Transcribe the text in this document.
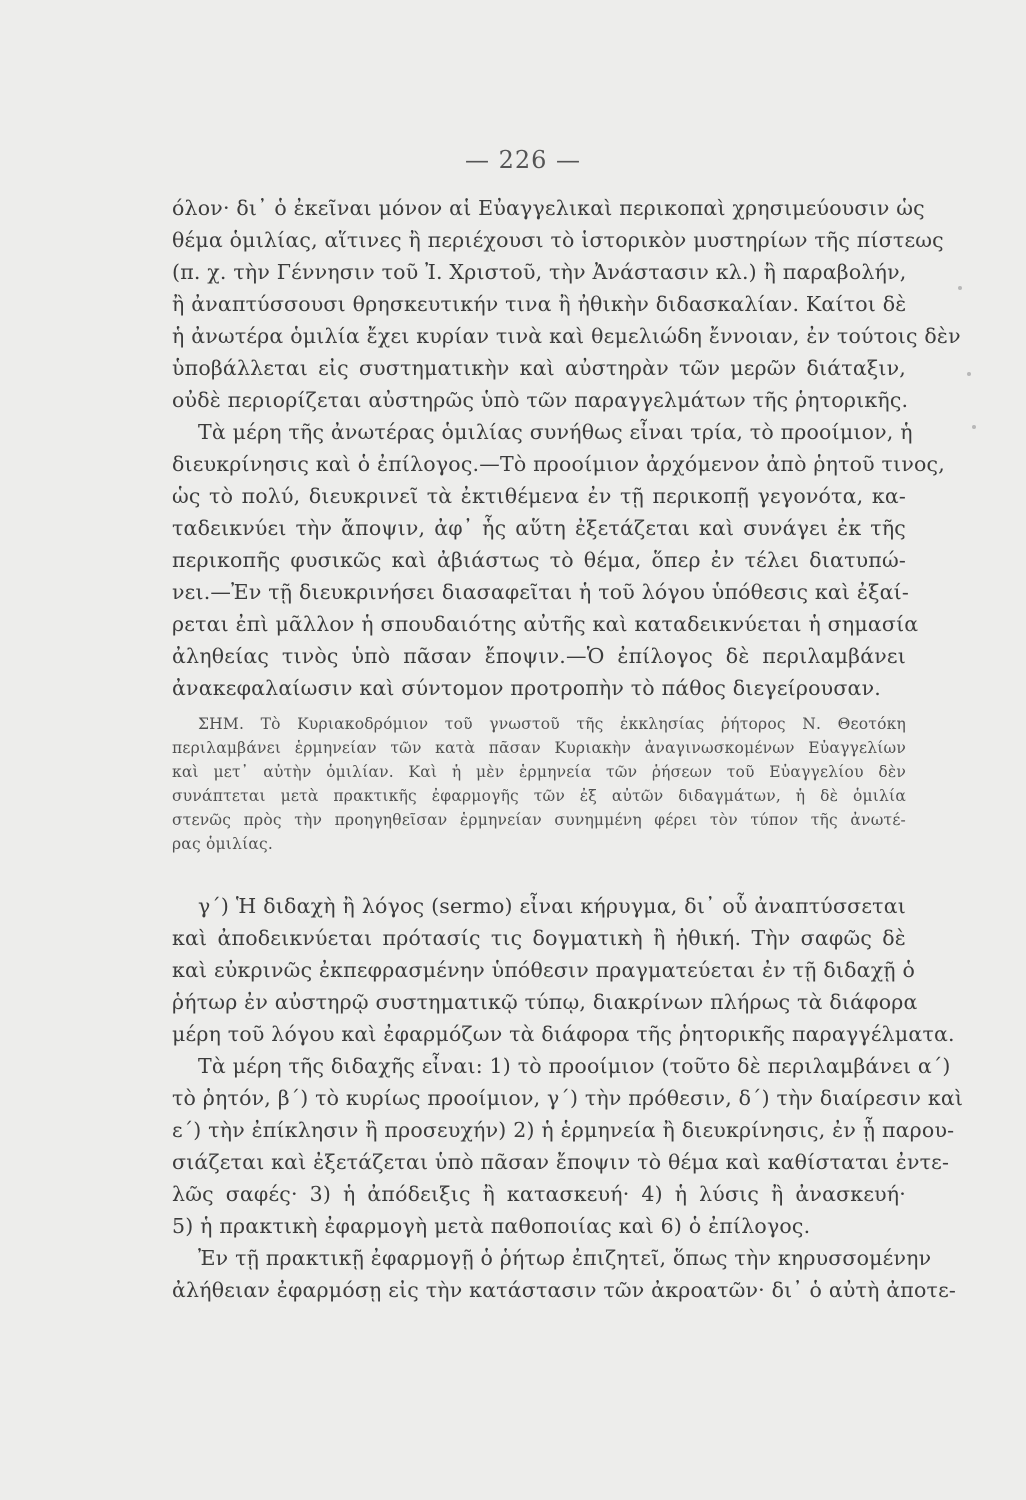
— 226 —
όλον· δι᾽ ὁ ἐκεῖναι μόνον αἱ Εὐαγγελικαὶ περικοπαὶ χρησιμεύουσιν ὡς
θέμα ὁμιλίας, αἵτινες ἢ περιέχουσι τὸ ἱστορικὸν μυστηρίων τῆς πίστεως
(π. χ. τὴν Γέννησιν τοῦ Ἰ. Χριστοῦ, τὴν Ἀνάστασιν κλ.) ἢ παραβολήν,
ἢ ἀναπτύσσουσι θρησκευτικήν τινα ἢ ἠθικὴν διδασκαλίαν. Καίτοι δὲ
ἡ ἀνωτέρα ὁμιλία ἔχει κυρίαν τινὰ καὶ θεμελιώδη ἔννοιαν, ἐν τούτοις δὲν
ὑποβάλλεται εἰς συστηματικὴν καὶ αὐστηρὰν τῶν μερῶν διάταξιν,
οὐδὲ περιορίζεται αὐστηρῶς ὑπὸ τῶν παραγγελμάτων τῆς ῥητορικῆς.
Τὰ μέρη τῆς ἀνωτέρας ὁμιλίας συνήθως εἶναι τρία, τὸ προοίμιον, ἡ
διευκρίνησις καὶ ὁ ἐπίλογος.—Τὸ προοίμιον ἀρχόμενον ἀπὸ ῥητοῦ τινος,
ὡς τὸ πολύ, διευκρινεῖ τὰ ἐκτιθέμενα ἐν τῇ περικοπῇ γεγονότα, κα-
ταδεικνύει τὴν ἄποψιν, ἀφ᾽ ἧς αὕτη ἐξετάζεται καὶ συνάγει ἐκ τῆς
περικοπῆς φυσικῶς καὶ ἀβιάστως τὸ θέμα, ὅπερ ἐν τέλει διατυπώ-
νει.—Ἐν τῇ διευκρινήσει διασαφεῖται ἡ τοῦ λόγου ὑπόθεσις καὶ ἐξαί-
ρεται ἐπὶ μᾶλλον ἡ σπουδαιότης αὐτῆς καὶ καταδεικνύεται ἡ σημασία
ἀληθείας τινὸς ὑπὸ πᾶσαν ἔποψιν.—Ὁ ἐπίλογος δὲ περιλαμβάνει
ἀνακεφαλαίωσιν καὶ σύντομον προτροπὴν τὸ πάθος διεγείρουσαν.
ΣΗΜ. Τὸ Κυριακοδρόμιον τοῦ γνωστοῦ τῆς ἐκκλησίας ῥήτορος Ν. Θεοτόκη
περιλαμβάνει ἑρμηνείαν τῶν κατὰ πᾶσαν Κυριακὴν ἀναγινωσκομένων Εὐαγγελίων
καὶ μετ᾽ αὐτὴν ὁμιλίαν. Καὶ ἡ μὲν ἑρμηνεία τῶν ῥήσεων τοῦ Εὐαγγελίου δὲν
συνάπτεται μετὰ πρακτικῆς ἐφαρμογῆς τῶν ἐξ αὐτῶν διδαγμάτων, ἡ δὲ ὁμιλία
στενῶς πρὸς τὴν προηγηθεῖσαν ἑρμηνείαν συνημμένη φέρει τὸν τύπον τῆς ἀνωτέ-
ρας ὁμιλίας.
γ´) Ἡ διδαχὴ ἢ λόγος (sermo) εἶναι κήρυγμα, δι᾽ οὗ ἀναπτύσσεται
καὶ ἀποδεικνύεται πρότασίς τις δογματικὴ ἢ ἠθική. Τὴν σαφῶς δὲ
καὶ εὐκρινῶς ἐκπεφρασμένην ὑπόθεσιν πραγματεύεται ἐν τῇ διδαχῇ ὁ
ῥήτωρ ἐν αὐστηρῷ συστηματικῷ τύπῳ, διακρίνων πλήρως τὰ διάφορα
μέρη τοῦ λόγου καὶ ἐφαρμόζων τὰ διάφορα τῆς ῥητορικῆς παραγγέλματα.
Τὰ μέρη τῆς διδαχῆς εἶναι: 1) τὸ προοίμιον (τοῦτο δὲ περιλαμβάνει α´)
τὸ ῥητόν, β´) τὸ κυρίως προοίμιον, γ´) τὴν πρόθεσιν, δ´) τὴν διαίρεσιν καὶ
ε´) τὴν ἐπίκλησιν ἢ προσευχήν) 2) ἡ ἑρμηνεία ἢ διευκρίνησις, ἐν ᾗ παρου-
σιάζεται καὶ ἐξετάζεται ὑπὸ πᾶσαν ἔποψιν τὸ θέμα καὶ καθίσταται ἐντε-
λῶς σαφές· 3) ἡ ἀπόδειξις ἢ κατασκευή· 4) ἡ λύσις ἢ ἀνασκευή·
5) ἡ πρακτικὴ ἐφαρμογὴ μετὰ παθοποιίας καὶ 6) ὁ ἐπίλογος.
Ἐν τῇ πρακτικῇ ἐφαρμογῇ ὁ ῥήτωρ ἐπιζητεῖ, ὅπως τὴν κηρυσσομένην
ἀλήθειαν ἐφαρμόσῃ εἰς τὴν κατάστασιν τῶν ἀκροατῶν· δι᾽ ὁ αὐτὴ ἀποτε-
